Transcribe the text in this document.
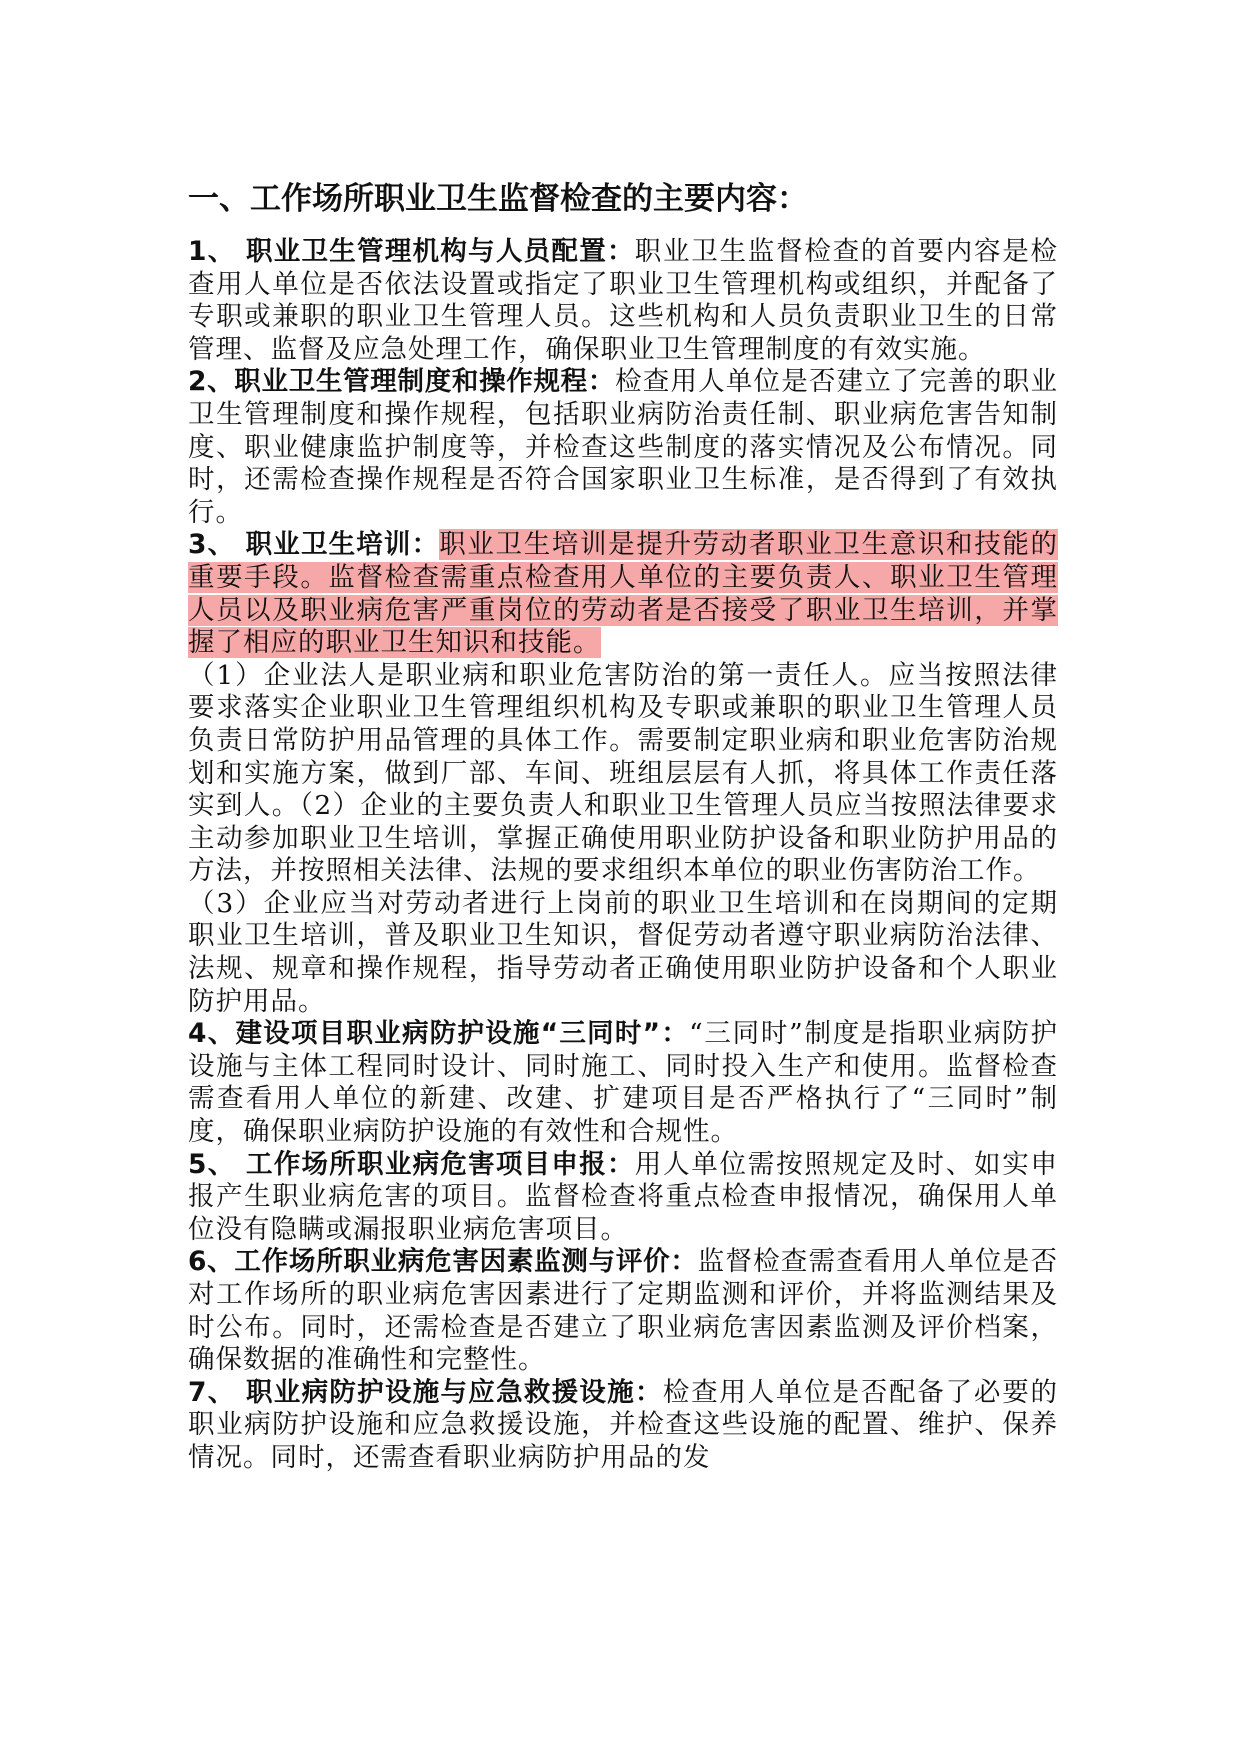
一、工作场所职业卫生监督检查的主要内容：

1、 职业卫生管理机构与人员配置：职业卫生监督检查的首要内容是检查用人单位是否依法设置或指定了职业卫生管理机构或组织，并配备了专职或兼职的职业卫生管理人员。这些机构和人员负责职业卫生的日常管理、监督及应急处理工作，确保职业卫生管理制度的有效实施。

2、职业卫生管理制度和操作规程：检查用人单位是否建立了完善的职业卫生管理制度和操作规程，包括职业病防治责任制、职业病危害告知制度、职业健康监护制度等，并检查这些制度的落实情况及公布情况。同时，还需检查操作规程是否符合国家职业卫生标准，是否得到了有效执行。

3、 职业卫生培训：职业卫生培训是提升劳动者职业卫生意识和技能的重要手段。监督检查需重点检查用人单位的主要负责人、职业卫生管理人员以及职业病危害严重岗位的劳动者是否接受了职业卫生培训，并掌握了相应的职业卫生知识和技能。

（1）企业法人是职业病和职业危害防治的第一责任人。应当按照法律要求落实企业职业卫生管理组织机构及专职或兼职的职业卫生管理人员负责日常防护用品管理的具体工作。需要制定职业病和职业危害防治规划和实施方案，做到厂部、车间、班组层层有人抓，将具体工作责任落实到人。（2）企业的主要负责人和职业卫生管理人员应当按照法律要求主动参加职业卫生培训，掌握正确使用职业防护设备和职业防护用品的方法，并按照相关法律、法规的要求组织本单位的职业伤害防治工作。

（3）企业应当对劳动者进行上岗前的职业卫生培训和在岗期间的定期职业卫生培训，普及职业卫生知识，督促劳动者遵守职业病防治法律、法规、规章和操作规程，指导劳动者正确使用职业防护设备和个人职业防护用品。

4、建设项目职业病防护设施“三同时”：“三同时”制度是指职业病防护设施与主体工程同时设计、同时施工、同时投入生产和使用。监督检查需查看用人单位的新建、改建、扩建项目是否严格执行了“三同时”制度，确保职业病防护设施的有效性和合规性。

5、 工作场所职业病危害项目申报：用人单位需按照规定及时、如实申报产生职业病危害的项目。监督检查将重点检查申报情况，确保用人单位没有隐瞒或漏报职业病危害项目。

6、工作场所职业病危害因素监测与评价：监督检查需查看用人单位是否对工作场所的职业病危害因素进行了定期监测和评价，并将监测结果及时公布。同时，还需检查是否建立了职业病危害因素监测及评价档案，确保数据的准确性和完整性。

7、 职业病防护设施与应急救援设施：检查用人单位是否配备了必要的职业病防护设施和应急救援设施，并检查这些设施的配置、维护、保养情况。同时，还需查看职业病防护用品的发
